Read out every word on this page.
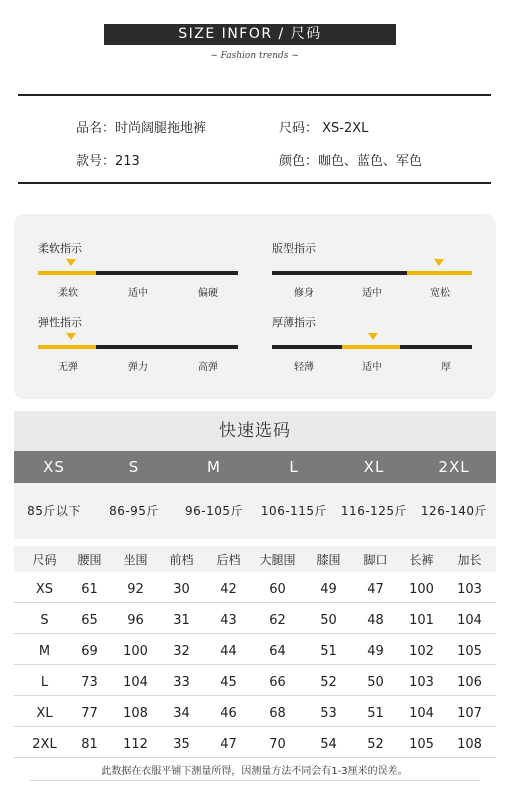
SIZE INFOR / 尺码
~ Fashion trends ~
品名：时尚阔腿拖地裤	尺码： XS-2XL
款号：213	颜色：咖色、蓝色、军色
柔软指示
柔软	适中	偏硬
版型指示
修身	适中	宽松
弹性指示
无弹	弹力	高弹
厚薄指示
轻薄	适中	厚
快速选码
XS	S	M	L	XL	2XL
85斤以下	86-95斤	96-105斤	106-115斤	116-125斤	126-140斤
尺码	腰围	坐围	前档	后档	大腿围	膝围	脚口	长裤	加长
XS	61	92	30	42	60	49	47	100	103
S	65	96	31	43	62	50	48	101	104
M	69	100	32	44	64	51	49	102	105
L	73	104	33	45	66	52	50	103	106
XL	77	108	34	46	68	53	51	104	107
2XL	81	112	35	47	70	54	52	105	108
此数据在衣服平铺下测量所得，因测量方法不同会有1-3厘米的误差。
